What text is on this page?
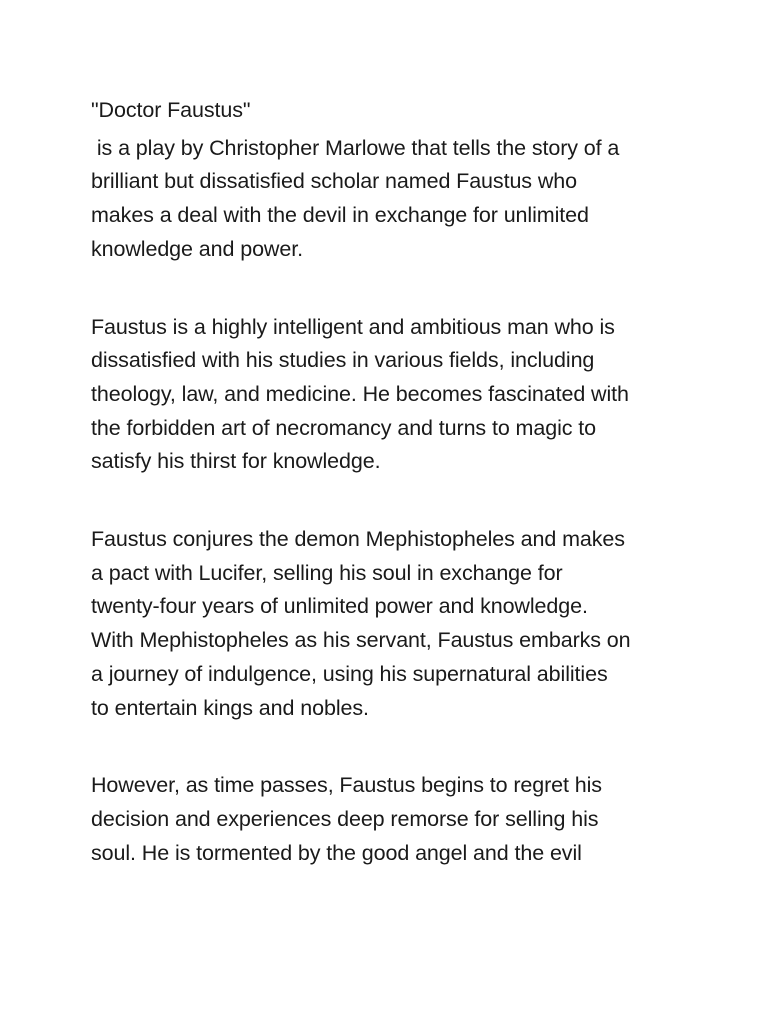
"Doctor Faustus"
is a play by Christopher Marlowe that tells the story of a
brilliant but dissatisfied scholar named Faustus who
makes a deal with the devil in exchange for unlimited
knowledge and power.
Faustus is a highly intelligent and ambitious man who is
dissatisfied with his studies in various fields, including
theology, law, and medicine. He becomes fascinated with
the forbidden art of necromancy and turns to magic to
satisfy his thirst for knowledge.
Faustus conjures the demon Mephistopheles and makes
a pact with Lucifer, selling his soul in exchange for
twenty-four years of unlimited power and knowledge.
With Mephistopheles as his servant, Faustus embarks on
a journey of indulgence, using his supernatural abilities
to entertain kings and nobles.
However, as time passes, Faustus begins to regret his
decision and experiences deep remorse for selling his
soul. He is tormented by the good angel and the evil
